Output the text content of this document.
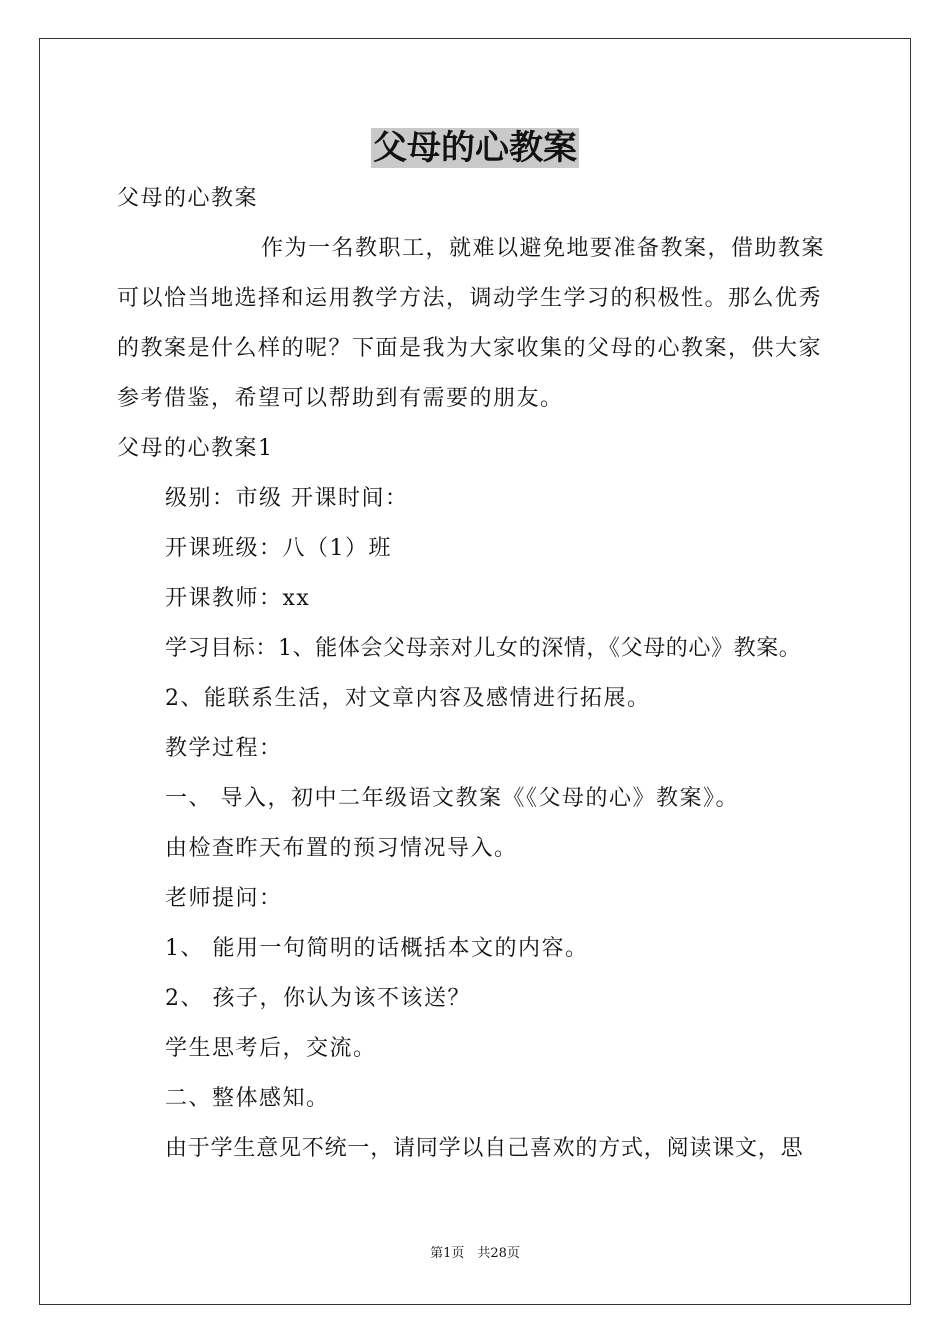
父母的心教案
父母的心教案
作为一名教职工，就难以避免地要准备教案，借助教案
可以恰当地选择和运用教学方法，调动学生学习的积极性。那么优秀
的教案是什么样的呢？下面是我为大家收集的父母的心教案，供大家
参考借鉴，希望可以帮助到有需要的朋友。
父母的心教案1
级别：市级 开课时间：
开课班级：八（1）班
开课教师：xx
学习目标：1、能体会父母亲对儿女的深情，《父母的心》教案。
2、能联系生活，对文章内容及感情进行拓展。
教学过程：
一、 导入，初中二年级语文教案《《父母的心》教案》。
由检查昨天布置的预习情况导入。
老师提问：
1、 能用一句简明的话概括本文的内容。
2、 孩子，你认为该不该送？
学生思考后，交流。
二、整体感知。
由于学生意见不统一，请同学以自己喜欢的方式，阅读课文，思
第1页　共28页
